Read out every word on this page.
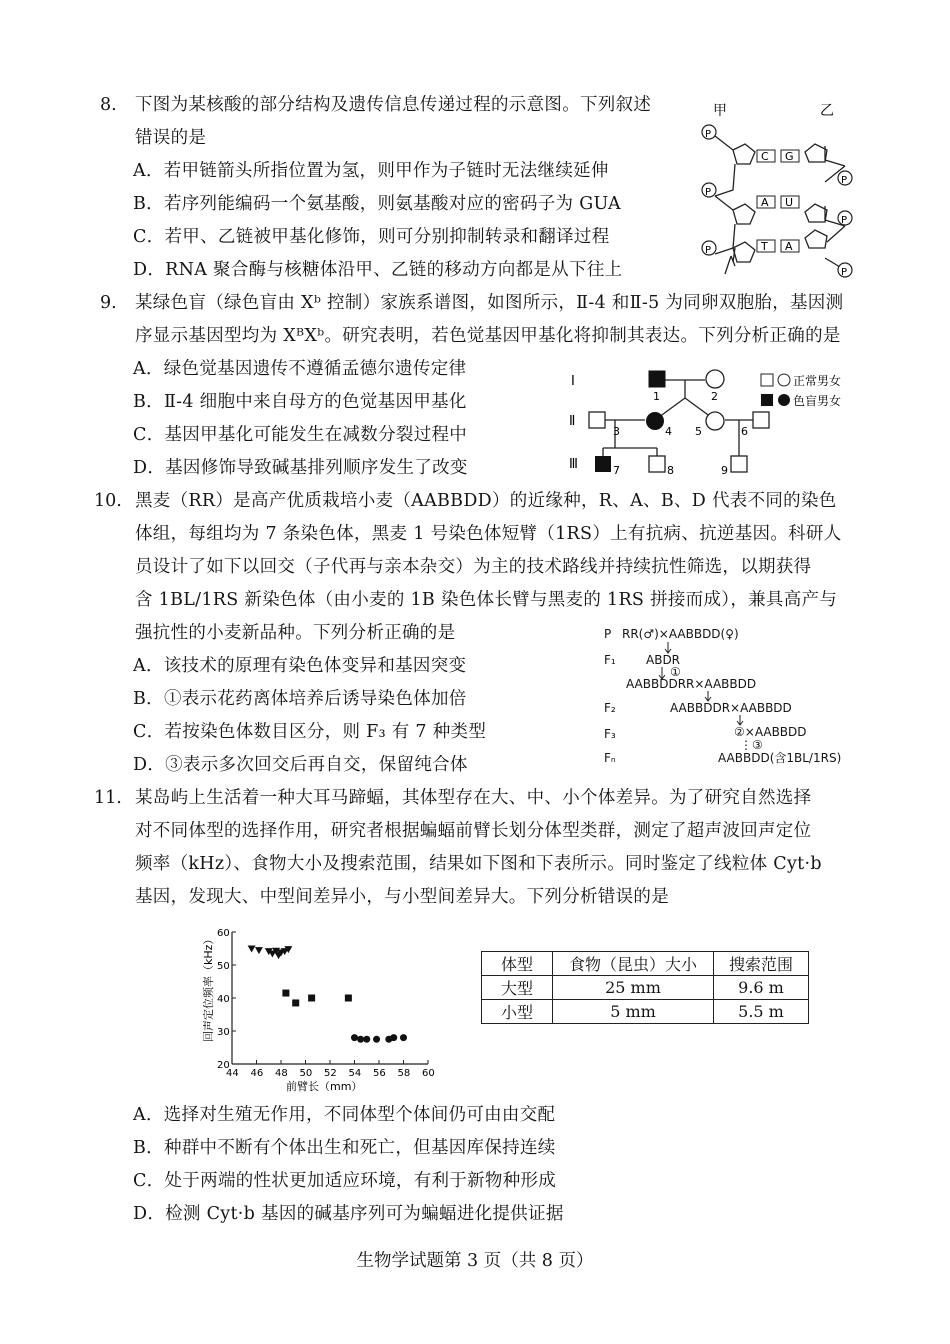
8. 下图为某核酸的部分结构及遗传信息传递过程的示意图。下列叙述
错误的是
A．若甲链箭头所指位置为氢，则甲作为子链时无法继续延伸
B．若序列能编码一个氨基酸，则氨基酸对应的密码子为 GUA
C．若甲、乙链被甲基化修饰，则可分别抑制转录和翻译过程
D．RNA 聚合酶与核糖体沿甲、乙链的移动方向都是从下往上
甲	乙
P
P
P
P
P
P
C G
A U
T A
9. 某绿色盲（绿色盲由 Xᵇ 控制）家族系谱图，如图所示，Ⅱ-4 和Ⅱ-5 为同卵双胞胎，基因测
序显示基因型均为 XᴮXᵇ。研究表明，若色觉基因甲基化将抑制其表达。下列分析正确的是
A．绿色觉基因遗传不遵循孟德尔遗传定律
B．Ⅱ-4 细胞中来自母方的色觉基因甲基化
C．基因甲基化可能发生在减数分裂过程中
D．基因修饰导致碱基排列顺序发生了改变
Ⅰ
Ⅱ
Ⅲ
1	2
3	4 5	6
7	8	9
正常男女
色盲男女
10. 黑麦（RR）是高产优质栽培小麦（AABBDD）的近缘种，R、A、B、D 代表不同的染色
体组，每组均为 7 条染色体，黑麦 1 号染色体短臂（1RS）上有抗病、抗逆基因。科研人
员设计了如下以回交（子代再与亲本杂交）为主的技术路线并持续抗性筛选，以期获得
含 1BL/1RS 新染色体（由小麦的 1B 染色体长臂与黑麦的 1RS 拼接而成），兼具高产与
强抗性的小麦新品种。下列分析正确的是
A．该技术的原理有染色体变异和基因突变
B．①表示花药离体培养后诱导染色体加倍
C．若按染色体数目区分，则 F₃ 有 7 种类型
D．③表示多次回交后再自交，保留纯合体
P RR(♂)×AABBDD(♀)
F₁	ABDR
①
AABBDDRR×AABBDD
F₂	AABBDDR×AABBDD
F₃	②×AABBDD
⋮③
Fₙ	AABBDD(含1BL/1RS)
11. 某岛屿上生活着一种大耳马蹄蝠，其体型存在大、中、小个体差异。为了研究自然选择
对不同体型的选择作用，研究者根据蝙蝠前臂长划分体型类群，测定了超声波回声定位
频率（kHz）、食物大小及搜索范围，结果如下图和下表所示。同时鉴定了线粒体 Cyt·b
基因，发现大、中型间差异小，与小型间差异大。下列分析错误的是
44 46 48 50 52 54 56 58 60
20
30
40
50
60
前臂长（mm）
回声定位频率（kHz）	体型	食物（昆虫）大小	搜索范围
大型	25 mm	9.6 m
小型	5 mm	5.5 m
A．选择对生殖无作用，不同体型个体间仍可由由交配
B．种群中不断有个体出生和死亡，但基因库保持连续
C．处于两端的性状更加适应环境，有利于新物种形成
D．检测 Cyt·b 基因的碱基序列可为蝙蝠进化提供证据
生物学试题第 3 页（共 8 页）
